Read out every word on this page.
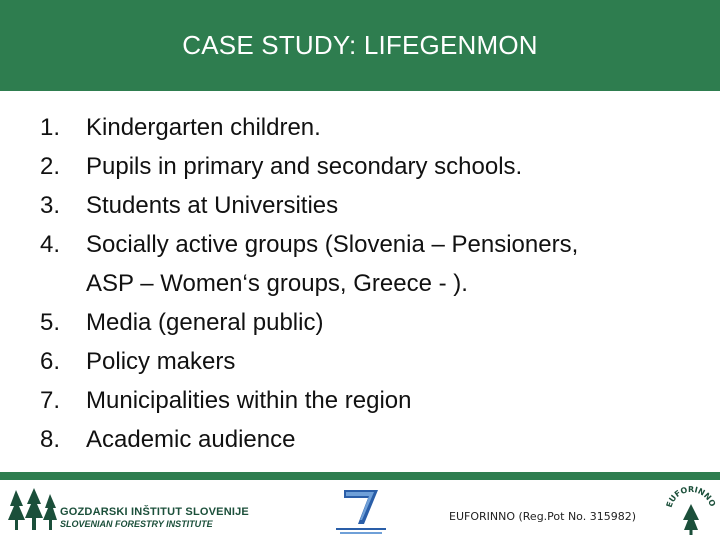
CASE STUDY: LIFEGENMON
1.	Kindergarten children.
2.	Pupils in primary and secondary schools.
3.	Students at Universities
4.	Socially active groups (Slovenia – Pensioners,
ASP – Women‘s groups, Greece - ).
5.	Media (general public)
6.	Policy makers
7.	Municipalities within the region
8.	Academic audience
GOZDARSKI INŠTITUT SLOVENIJE
SLOVENIAN FORESTRY INSTITUTE
EUFORINNO (Reg.Pot No. 315982)
EUFORINNO
